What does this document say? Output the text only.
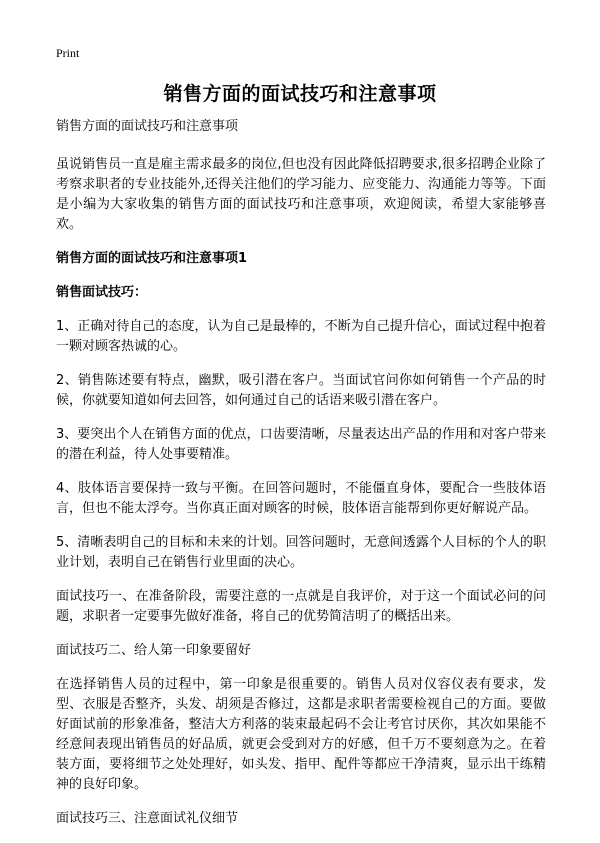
Print
销售方面的面试技巧和注意事项

销售方面的面试技巧和注意事项

虽说销售员一直是雇主需求最多的岗位,但也没有因此降低招聘要求,很多招聘企业除了考察求职者的专业技能外,还得关注他们的学习能力、应变能力、沟通能力等等。下面是小编为大家收集的销售方面的面试技巧和注意事项，欢迎阅读，希望大家能够喜欢。

销售方面的面试技巧和注意事项1

销售面试技巧：

1、正确对待自己的态度，认为自己是最棒的，不断为自己提升信心，面试过程中抱着一颗对顾客热诚的心。

2、销售陈述要有特点，幽默，吸引潜在客户。当面试官问你如何销售一个产品的时候，你就要知道如何去回答，如何通过自己的话语来吸引潜在客户。

3、要突出个人在销售方面的优点，口齿要清晰，尽量表达出产品的作用和对客户带来的潜在利益，待人处事要精准。

4、肢体语言要保持一致与平衡。在回答问题时，不能僵直身体，要配合一些肢体语言，但也不能太浮夸。当你真正面对顾客的时候，肢体语言能帮到你更好解说产品。

5、清晰表明自己的目标和未来的计划。回答问题时，无意间透露个人目标的个人的职业计划，表明自己在销售行业里面的决心。

面试技巧一、在准备阶段，需要注意的一点就是自我评价，对于这一个面试必问的问题，求职者一定要事先做好准备，将自己的优势简洁明了的概括出来。

面试技巧二、给人第一印象要留好

在选择销售人员的过程中，第一印象是很重要的。销售人员对仪容仪表有要求，发型、衣服是否整齐，头发、胡须是否修过，这都是求职者需要检视自己的方面。要做好面试前的形象准备，整洁大方利落的装束最起码不会让考官讨厌你，其次如果能不经意间表现出销售员的好品质，就更会受到对方的好感，但千万不要刻意为之。在着装方面，要将细节之处处理好，如头发、指甲、配件等都应干净清爽，显示出干练精神的良好印象。

面试技巧三、注意面试礼仪细节
